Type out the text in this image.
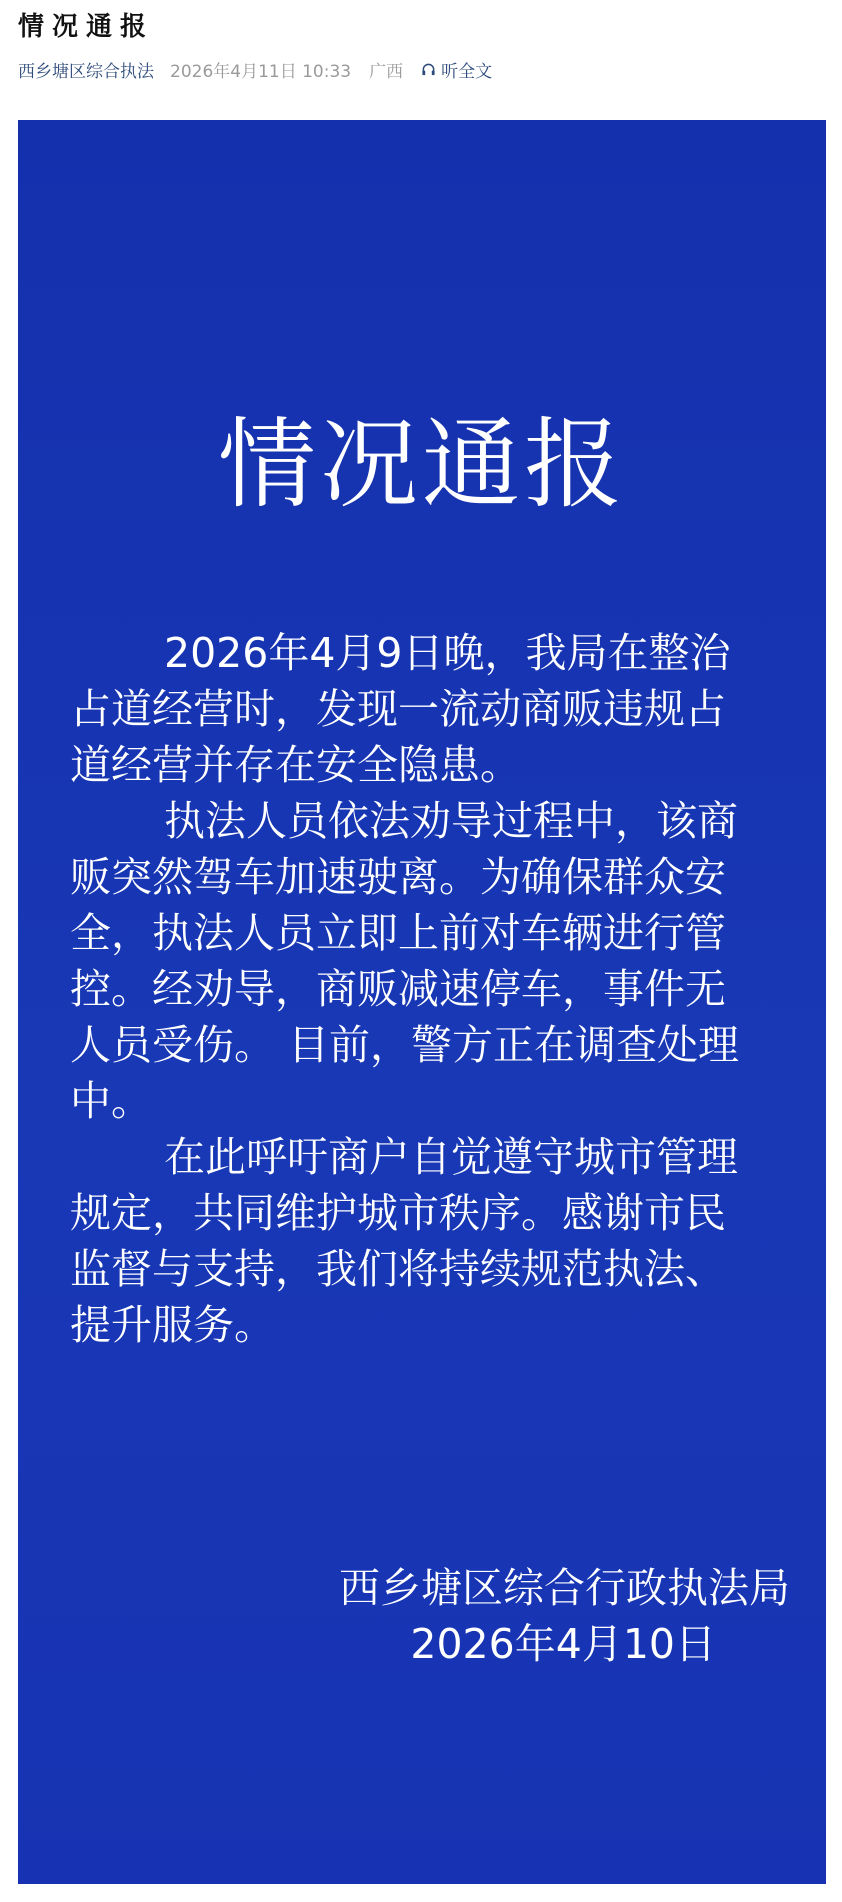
情况通报
西乡塘区综合执法 2026年4月11日 10:33 广西 听全文
情况通报
2026年4月9日晚，我局在整治
占道经营时，发现一流动商贩违规占
道经营并存在安全隐患。
执法人员依法劝导过程中，该商
贩突然驾车加速驶离。为确保群众安
全，执法人员立即上前对车辆进行管
控。经劝导，商贩减速停车，事件无
人员受伤。 目前，警方正在调查处理
中。
在此呼吁商户自觉遵守城市管理
规定，共同维护城市秩序。感谢市民
监督与支持，我们将持续规范执法、
提升服务。
西乡塘区综合行政执法局
2026年4月10日
